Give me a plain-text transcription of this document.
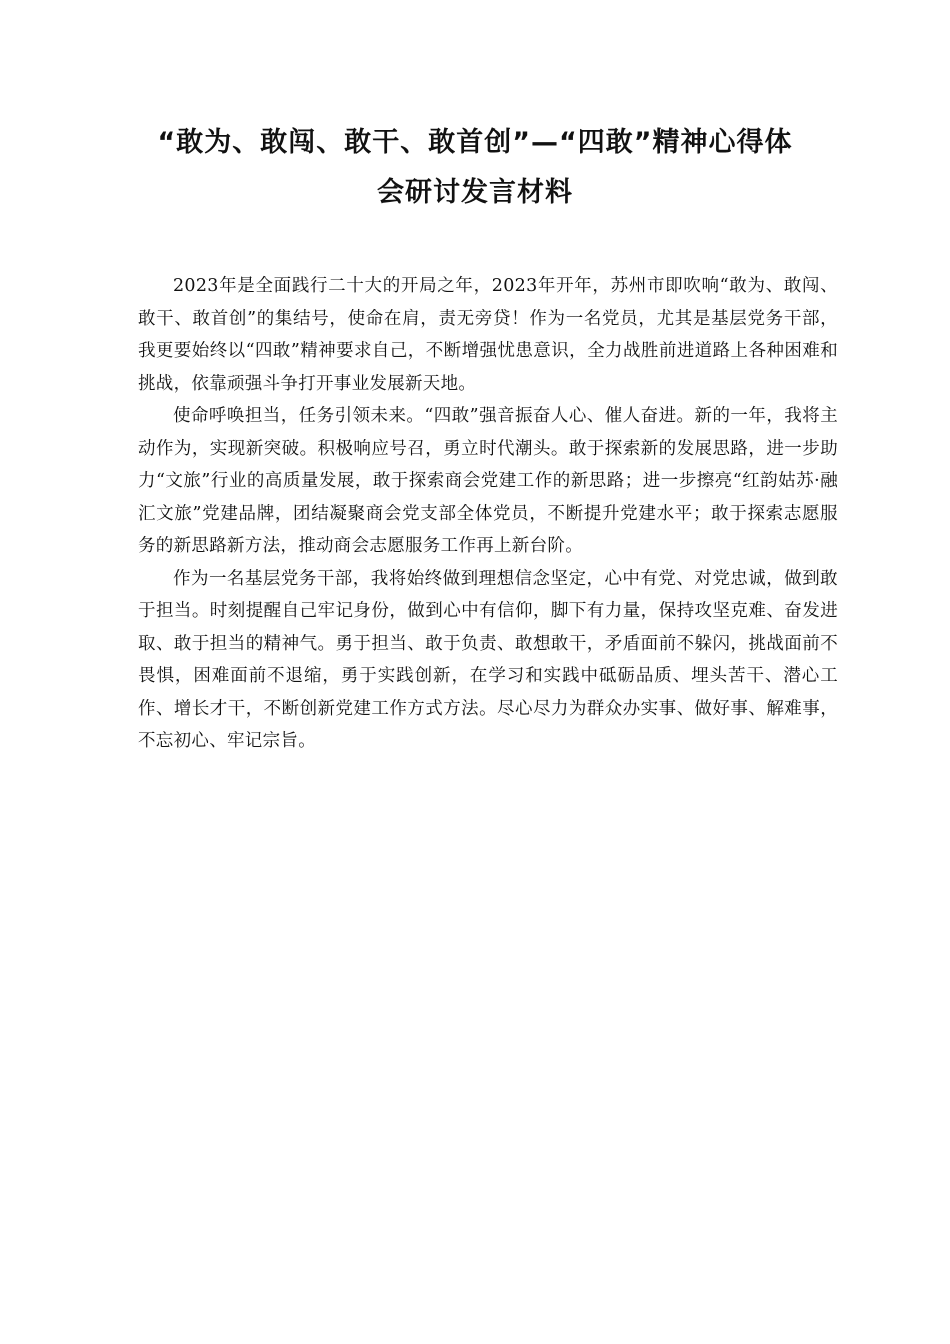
“敢为、敢闯、敢干、敢首创”—“四敢”精神心得体
会研讨发言材料

2023年是全面践行二十大的开局之年，2023年开年，苏州市即吹响“敢为、敢闯、敢干、敢首创”的集结号，使命在肩，责无旁贷！作为一名党员，尤其是基层党务干部，我更要始终以“四敢”精神要求自己，不断增强忧患意识，全力战胜前进道路上各种困难和挑战，依靠顽强斗争打开事业发展新天地。

使命呼唤担当，任务引领未来。“四敢”强音振奋人心、催人奋进。新的一年，我将主动作为，实现新突破。积极响应号召，勇立时代潮头。敢于探索新的发展思路，进一步助力“文旅”行业的高质量发展，敢于探索商会党建工作的新思路；进一步擦亮“红韵姑苏·融汇文旅”党建品牌，团结凝聚商会党支部全体党员，不断提升党建水平；敢于探索志愿服务的新思路新方法，推动商会志愿服务工作再上新台阶。

作为一名基层党务干部，我将始终做到理想信念坚定，心中有党、对党忠诚，做到敢于担当。时刻提醒自己牢记身份，做到心中有信仰，脚下有力量，保持攻坚克难、奋发进取、敢于担当的精神气。勇于担当、敢于负责、敢想敢干，矛盾面前不躲闪，挑战面前不畏惧，困难面前不退缩，勇于实践创新，在学习和实践中砥砺品质、埋头苦干、潜心工作、增长才干，不断创新党建工作方式方法。尽心尽力为群众办实事、做好事、解难事，不忘初心、牢记宗旨。
